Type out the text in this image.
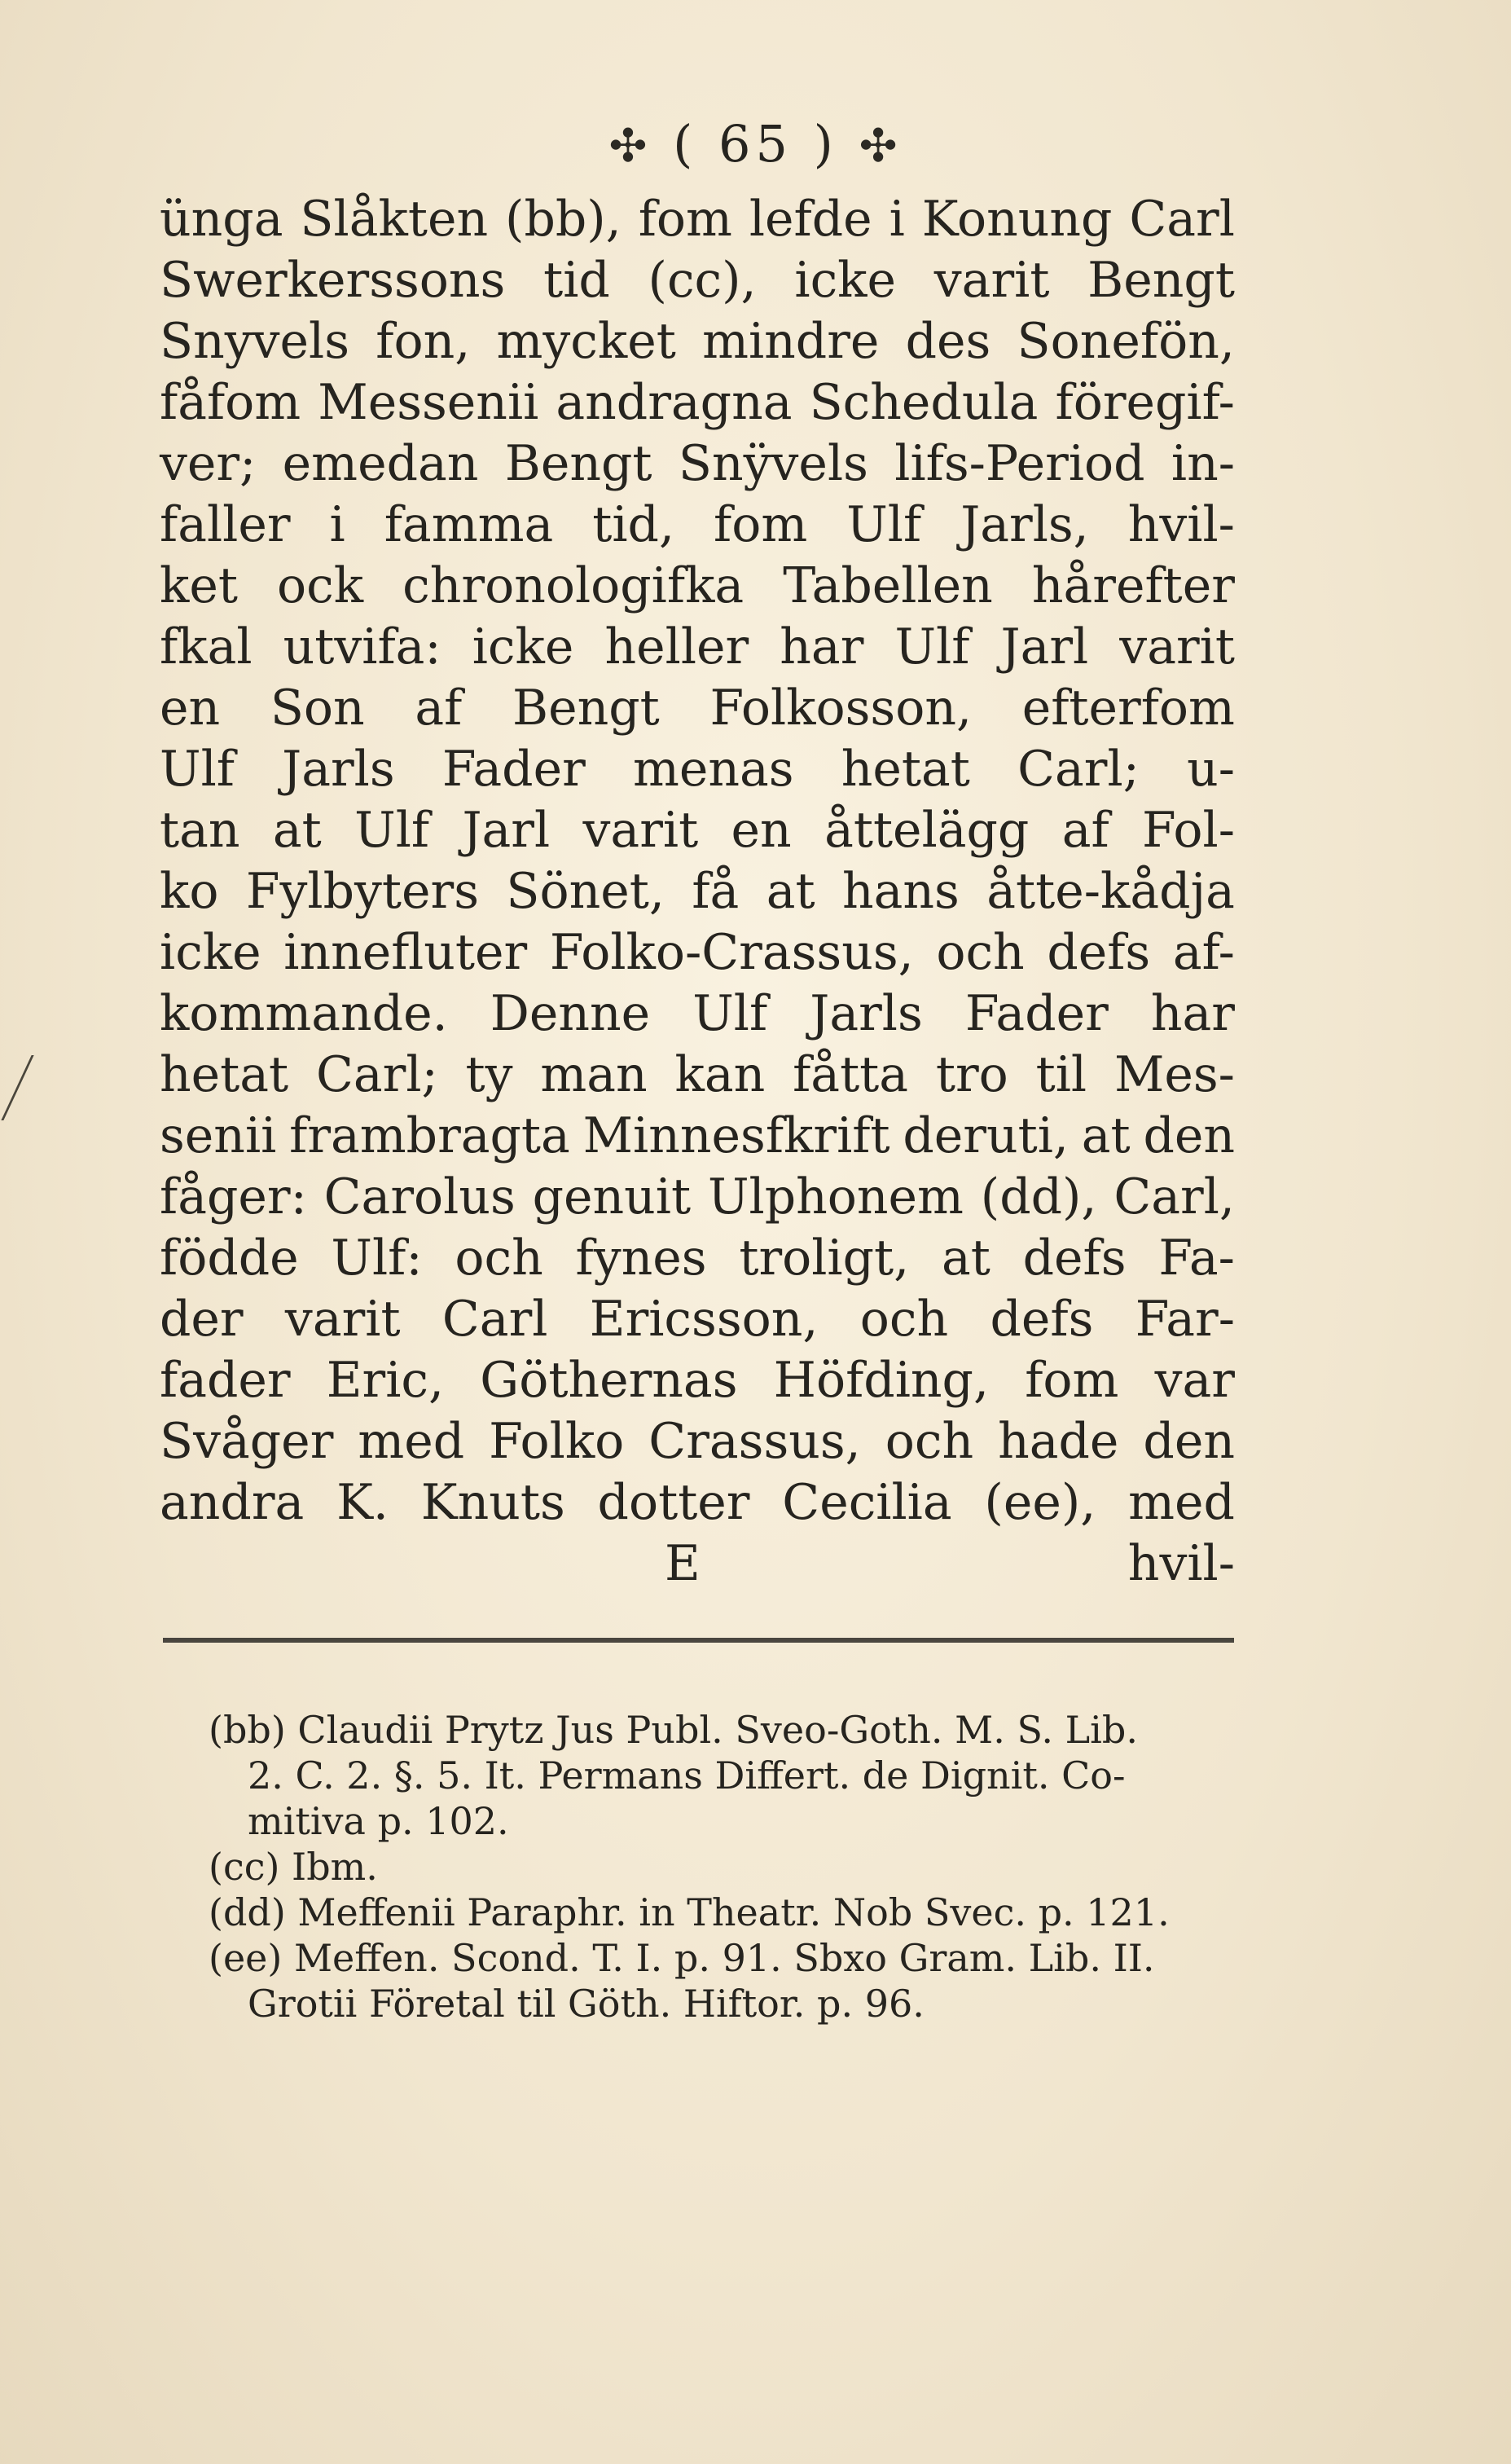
✣ ( 65 ) ✣
ünga Slåkten (bb), fom lefde i Konung Carl
Swerkerssons tid (cc), icke varit Bengt
Snyvels fon, mycket mindre des Sonefön,
fåfom Messenii andragna Schedula föregif-
ver; emedan Bengt Snÿvels lifs-Period in-
faller i famma tid, fom Ulf Jarls, hvil-
ket ock chronologifka Tabellen hårefter
fkal utvifa: icke heller har Ulf Jarl varit
en Son af Bengt Folkosson, efterfom
Ulf Jarls Fader menas hetat Carl; u-
tan at Ulf Jarl varit en åttelägg af Fol-
ko Fylbyters Sönet, få at hans åtte-kådja
icke innefluter Folko-Crassus, och defs af-
kommande. Denne Ulf Jarls Fader har
hetat Carl; ty man kan fåtta tro til Mes-
senii frambragta Minnesfkrift deruti, at den
fåger: Carolus genuit Ulphonem (dd), Carl,
födde Ulf: och fynes troligt, at defs Fa-
der varit Carl Ericsson, och defs Far-
fader Eric, Göthernas Höfding, fom var
Svåger med Folko Crassus, och hade den
andra K. Knuts dotter Cecilia (ee), med
E	hvil-
(bb) Claudii Prytz Jus Publ. Sveo-Goth. M. S. Lib.
2. C. 2. §. 5. It. Permans Differt. de Dignit. Co-
mitiva p. 102.
(cc) Ibm.
(dd) Meffenii Paraphr. in Theatr. Nob Svec. p. 121.
(ee) Meffen. Scond. T. I. p. 91. Sbxo Gram. Lib. II.
Grotii Företal til Göth. Hiftor. p. 96.
